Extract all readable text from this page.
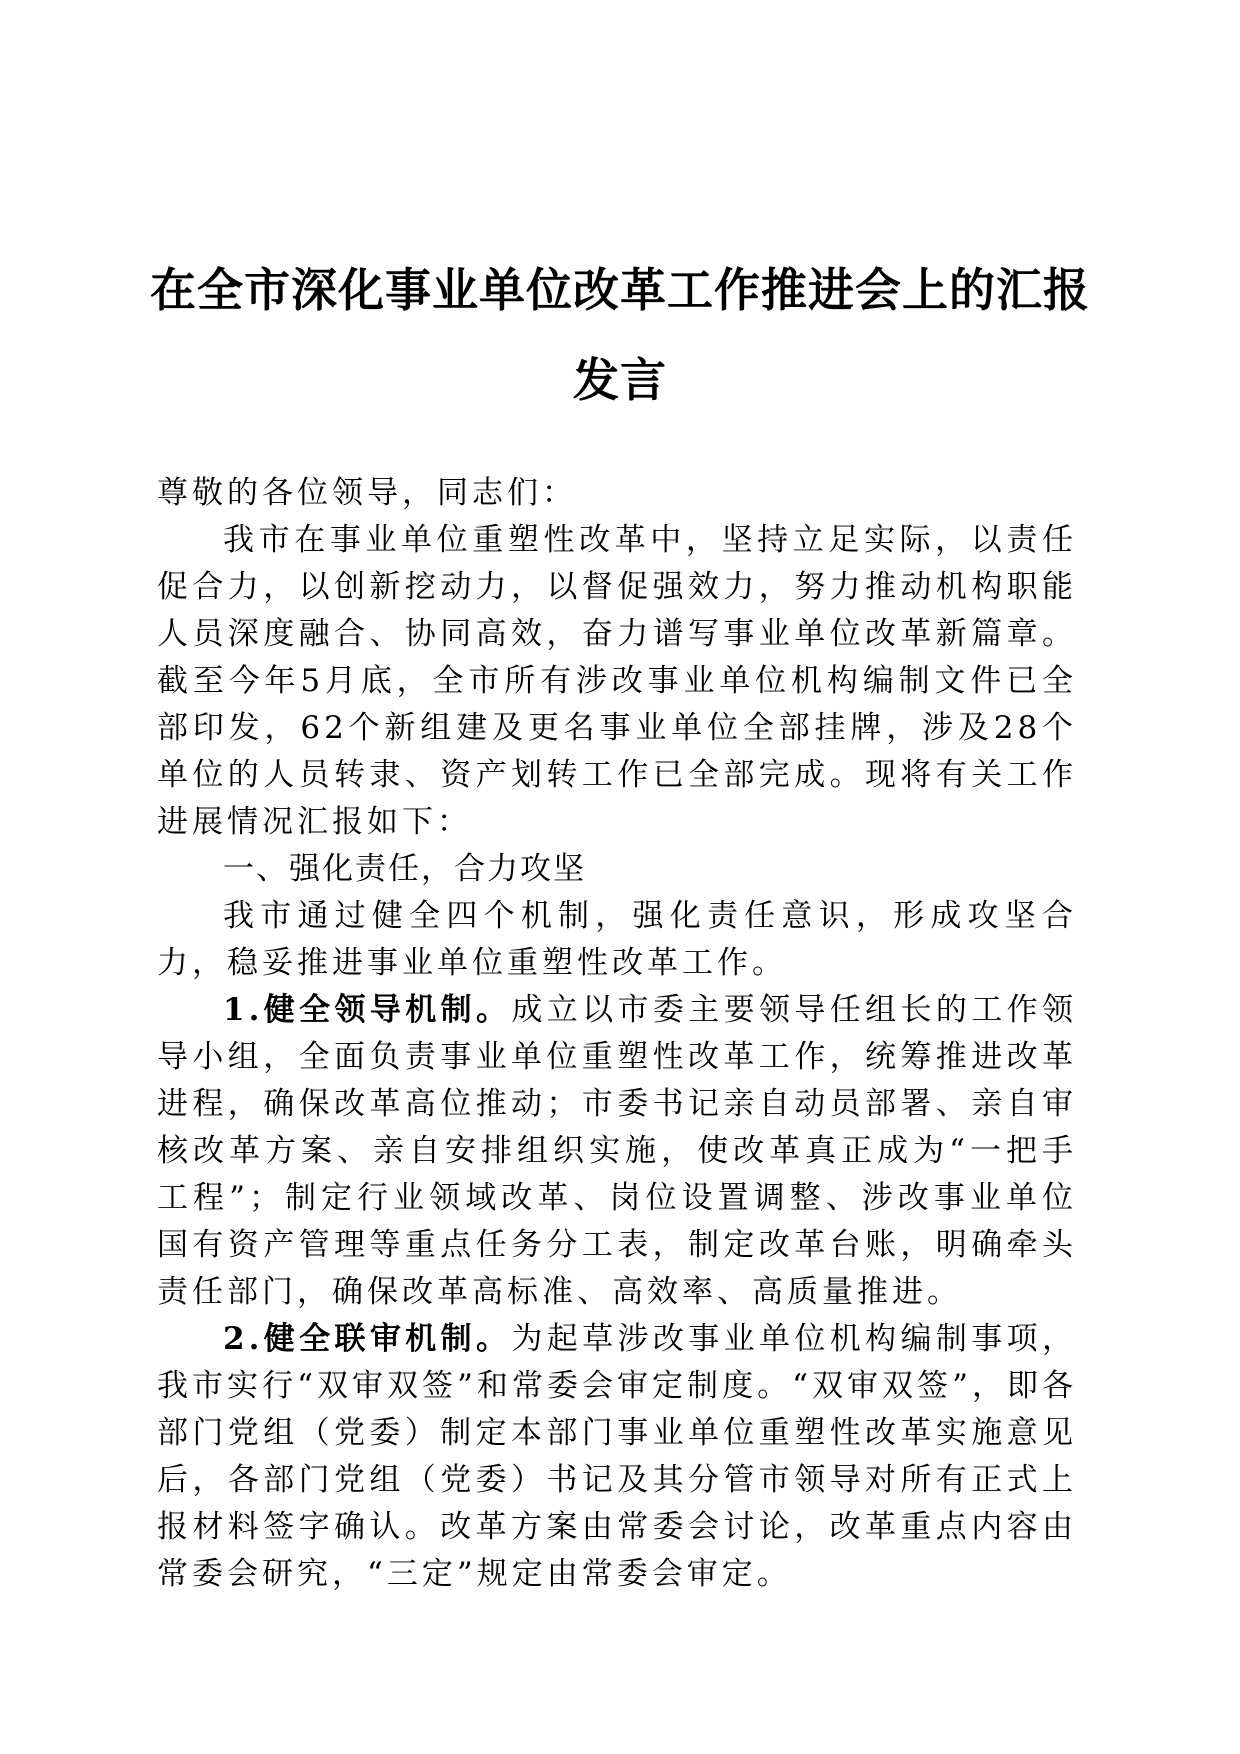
在全市深化事业单位改革工作推进会上的汇报
发言

尊敬的各位领导，同志们：

我市在事业单位重塑性改革中，坚持立足实际，以责任促合力，以创新挖动力，以督促强效力，努力推动机构职能人员深度融合、协同高效，奋力谱写事业单位改革新篇章。截至今年5月底，全市所有涉改事业单位机构编制文件已全部印发，62个新组建及更名事业单位全部挂牌，涉及28个单位的人员转隶、资产划转工作已全部完成。现将有关工作进展情况汇报如下：

一、强化责任，合力攻坚

我市通过健全四个机制，强化责任意识，形成攻坚合力，稳妥推进事业单位重塑性改革工作。

1.健全领导机制。成立以市委主要领导任组长的工作领导小组，全面负责事业单位重塑性改革工作，统筹推进改革进程，确保改革高位推动；市委书记亲自动员部署、亲自审核改革方案、亲自安排组织实施，使改革真正成为“一把手工程”；制定行业领域改革、岗位设置调整、涉改事业单位国有资产管理等重点任务分工表，制定改革台账，明确牵头责任部门，确保改革高标准、高效率、高质量推进。

2.健全联审机制。为起草涉改事业单位机构编制事项，我市实行“双审双签”和常委会审定制度。“双审双签”，即各部门党组（党委）制定本部门事业单位重塑性改革实施意见后，各部门党组（党委）书记及其分管市领导对所有正式上报材料签字确认。改革方案由常委会讨论，改革重点内容由常委会研究，“三定”规定由常委会审定。
